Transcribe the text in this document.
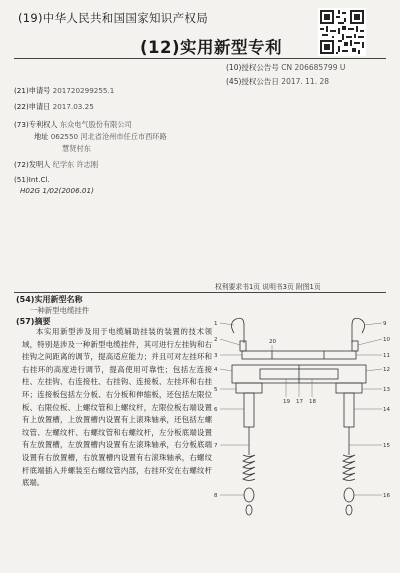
(19)中华人民共和国国家知识产权局
(12)实用新型专利
(10)授权公告号 CN 206685799 U
(45)授权公告日 2017. 11. 28
(21)申请号 201720299255.1
(22)申请日 2017.03.25
(73)专利权人 东众电气股份有限公司
地址 062550 河北省沧州市任丘市西环路
慧贤村东
(72)发明人 纪学东 许志刚
(51)Int.Cl.
H02G 1/02(2006.01)
权利要求书1页 说明书3页 附图1页
(54)实用新型名称
一种新型电缆挂件
(57)摘要
本实用新型涉及用于电缆辅助挂装的装置的技术领域，特别是涉及一种新型电缆挂件，其可进行左挂钩和右挂钩之间距离的调节，提高适应能力；并且可对左挂环和右挂环的高度进行调节，提高使用可靠性；包括左连接柱、左挂钩、右连接柱、右挂钩、连接板、左挂环和右挂环；连接板包括左分板、右分板和伸缩板，还包括左限位板、右限位板、上螺纹管和上螺纹杆，左限位板右端设置有上放置槽，上放置槽内设置有上滚珠轴承，还包括左螺纹管、左螺纹杆、右螺纹管和右螺纹杆，左分板底端设置有左放置槽，左放置槽内设置有左滚珠轴承，右分板底端设置有右放置槽，右放置槽内设置有右滚珠轴承，右螺纹杆底端插入并螺装至右螺纹管内部，右挂环安在右螺纹杆底端。
1
2
3
4
5
6
7
8
9
10
11
12
13
14
15
16
17 18
19
20
